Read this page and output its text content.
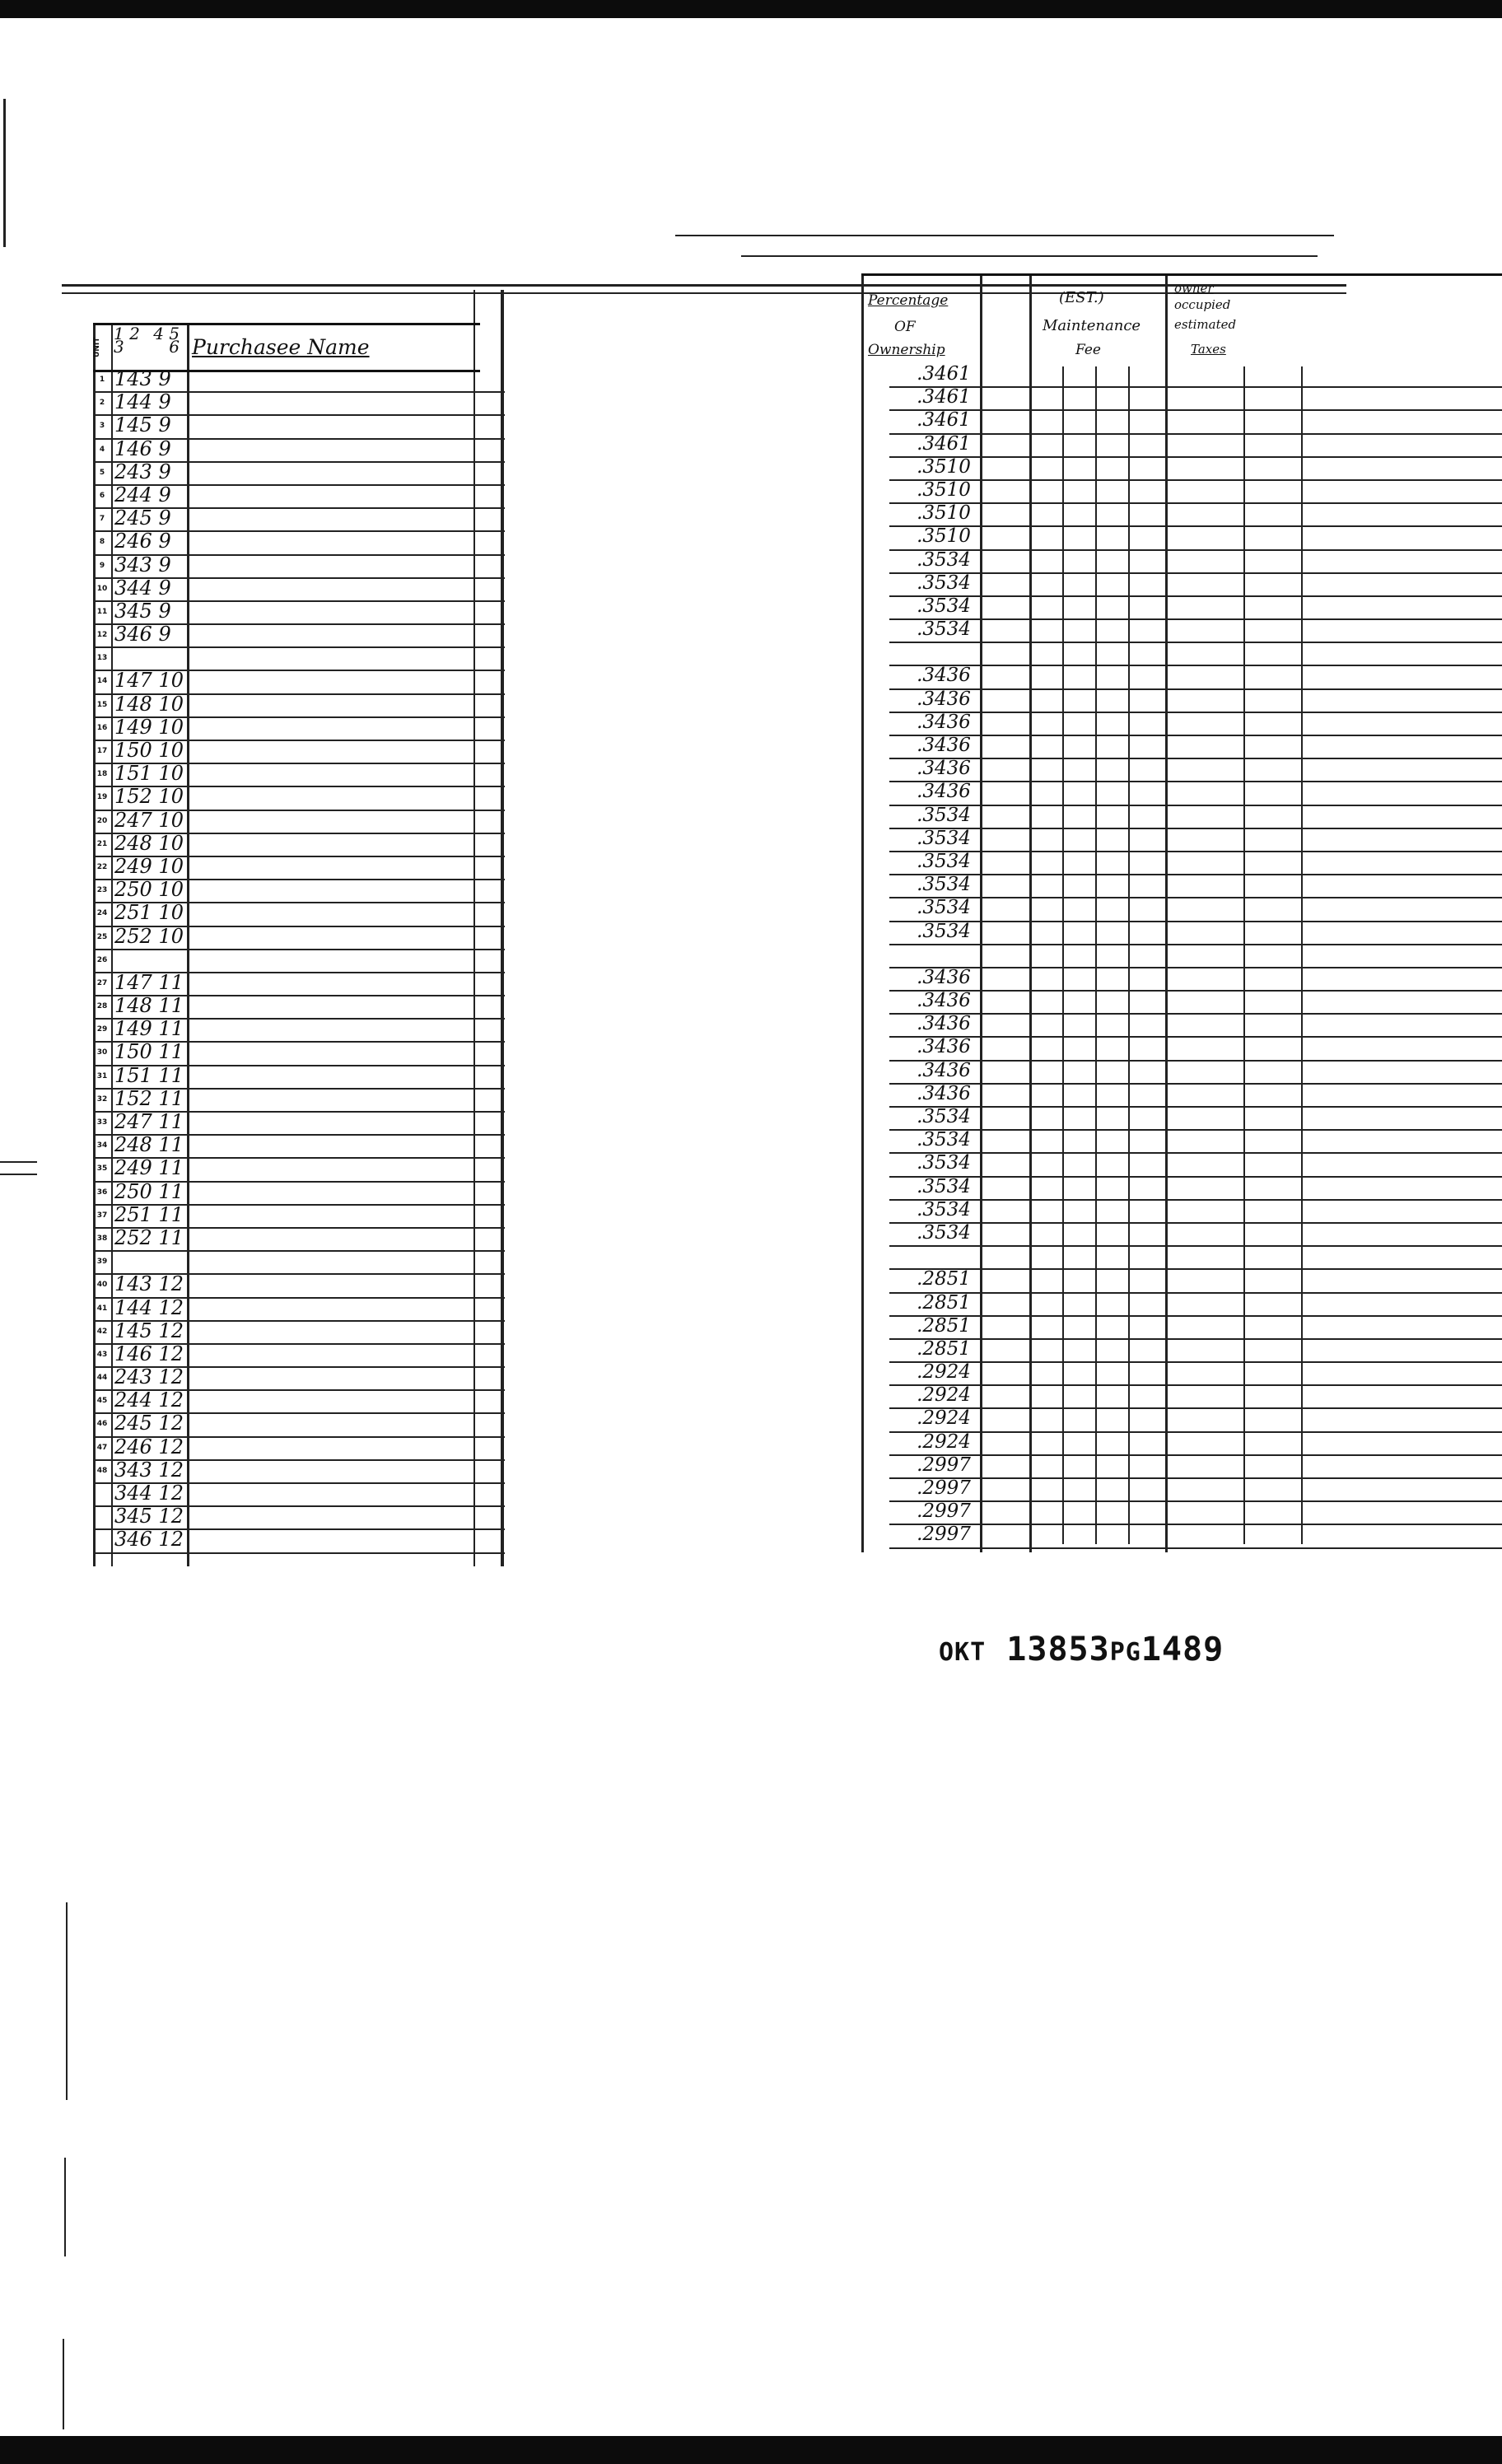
UNIT
1 2 3
4 5 6 Purchasee Name
1 143 9
2 144 9
3 145 9
4 146 9
5 243 9
6 244 9
7 245 9
8 246 9
9 343 9
10 344 9
11 345 9
12 346 9
13
14 147 10
15 148 10
16 149 10
17 150 10
18 151 10
19 152 10
20 247 10
21 248 10
22 249 10
23 250 10
24 251 10
25 252 10
26
27 147 11
28 148 11
29 149 11
30 150 11
31 151 11
32 152 11
33 247 11
34 248 11
35 249 11
36 250 11
37 251 11
38 252 11
39
40 143 12
41 144 12
42 145 12
43 146 12
44 243 12
45 244 12
46 245 12
47 246 12
48 343 12
344 12
345 12
346 12
Percentage
OF
Ownership
(EST.)
Maintenance
Fee
owner
occupied
estimated
Taxes
.3461
.3461
.3461
.3461
.3510
.3510
.3510
.3510
.3534
.3534
.3534
.3534
.3436
.3436
.3436
.3436
.3436
.3436
.3534
.3534
.3534
.3534
.3534
.3534
.3436
.3436
.3436
.3436
.3436
.3436
.3534
.3534
.3534
.3534
.3534
.3534
.2851
.2851
.2851
.2851
.2924
.2924
.2924
.2924
.2997
.2997
.2997
.2997
OKT 13853PG1489
